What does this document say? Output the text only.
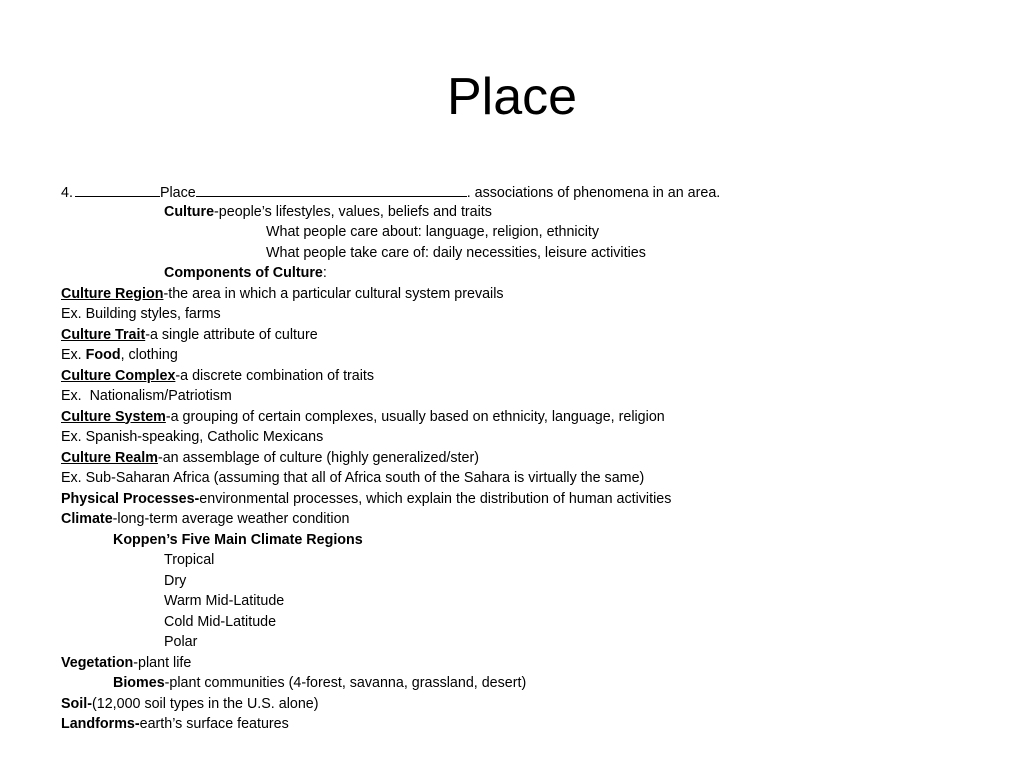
Place
4.	Place	. associations of phenomena in an area.
Culture-people’s lifestyles, values, beliefs and traits
What people care about: language, religion, ethnicity
What people take care of: daily necessities, leisure activities
Components of Culture:
Culture Region-the area in which a particular cultural system prevails
Ex. Building styles, farms
Culture Trait-a single attribute of culture
Ex. Food, clothing
Culture Complex-a discrete combination of traits
Ex.  Nationalism/Patriotism
Culture System-a grouping of certain complexes, usually based on ethnicity, language, religion
Ex. Spanish-speaking, Catholic Mexicans
Culture Realm-an assemblage of culture (highly generalized/ster)
Ex. Sub-Saharan Africa (assuming that all of Africa south of the Sahara is virtually the same)
Physical Processes-environmental processes, which explain the distribution of human activities
Climate-long-term average weather condition
Koppen’s Five Main Climate Regions
Tropical
Dry
Warm Mid-Latitude
Cold Mid-Latitude
Polar
Vegetation-plant life
Biomes-plant communities (4-forest, savanna, grassland, desert)
Soil-(12,000 soil types in the U.S. alone)
Landforms-earth’s surface features
